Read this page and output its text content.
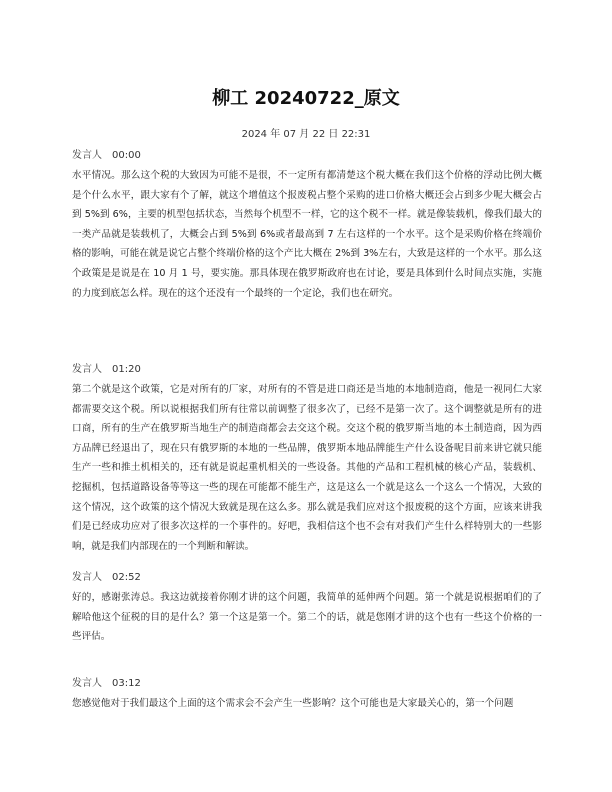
柳工 20240722_原文
2024 年 07 月 22 日 22:31
发言人 00:00

水平情况。那么这个税的大致因为可能不是很，不一定所有都清楚这个税大概在我们这个价格的浮动比例大概是个什么水平，跟大家有个了解，就这个增值这个报废税占整个采购的进口价格大概还会占到多少呢大概会占到 5%到 6%，主要的机型包括状态，当然每个机型不一样，它的这个税不一样。就是像装载机，像我们最大的一类产品就是装载机了，大概会占到 5%到 6%或者最高到 7 左右这样的一个水平。这个是采购价格在终端价格的影响，可能在就是说它占整个终端价格的这个产比大概在 2%到 3%左右，大致是这样的一个水平。那么这个政策是是说是在 10 月 1 号，要实施。那具体现在俄罗斯政府也在讨论，要是具体到什么时间点实施，实施的力度到底怎么样。现在的这个还没有一个最终的一个定论，我们也在研究。

发言人 01:20

第二个就是这个政策，它是对所有的厂家，对所有的不管是进口商还是当地的本地制造商，他是一视同仁大家都需要交这个税。所以说根据我们所有往常以前调整了很多次了，已经不是第一次了。这个调整就是所有的进口商，所有的生产在俄罗斯当地生产的制造商都会去交这个税。交这个税的俄罗斯当地的本土制造商，因为西方品牌已经退出了，现在只有俄罗斯的本地的一些品牌，俄罗斯本地品牌能生产什么设备呢目前来讲它就只能生产一些和推土机相关的，还有就是说起重机相关的一些设备。其他的产品和工程机械的核心产品，装载机、挖掘机，包括道路设备等等这一些的现在可能都不能生产，这是这么一个就是这么一个这么一个情况，大致的这个情况，这个政策的这个情况大致就是现在这么多。那么就是我们应对这个报废税的这个方面，应该来讲我们是已经成功应对了很多次这样的一个事件的。好吧，我相信这个也不会有对我们产生什么样特别大的一些影响，就是我们内部现在的一个判断和解读。

发言人 02:52

好的，感谢张涛总。我这边就接着你刚才讲的这个问题，我简单的延伸两个问题。第一个就是说根据咱们的了解哈他这个征税的目的是什么？第一个这是第一个。第二个的话，就是您刚才讲的这个也有一些这个价格的一些评估。

发言人 03:12

您感觉他对于我们最这个上面的这个需求会不会产生一些影响？这个可能也是大家最关心的，第一个问题
